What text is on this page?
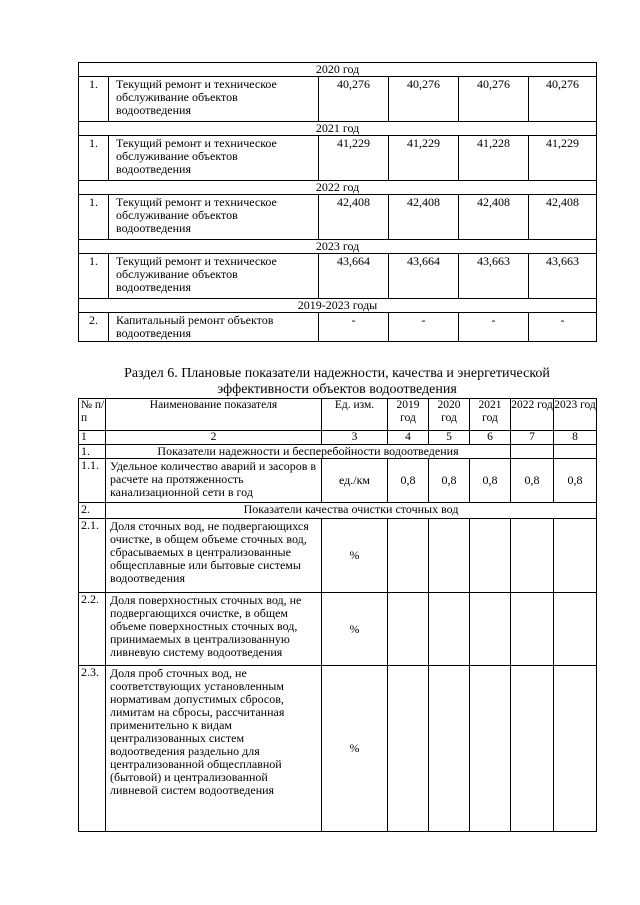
2020 год					
1.	Текущий ремонт и техническое обслуживание объектов водоотведения	40,276	40,276	40,276	40,276
2021 год					
1.	Текущий ремонт и техническое обслуживание объектов водоотведения	41,229	41,229	41,228	41,229
2022 год					
1.	Текущий ремонт и техническое обслуживание объектов водоотведения	42,408	42,408	42,408	42,408
2023 год					
1.	Текущий ремонт и техническое обслуживание объектов водоотведения	43,664	43,664	43,663	43,663
2019-2023 годы					
2.	Капитальный ремонт объектов водоотведения	-	-	-	-
Раздел 6. Плановые показатели надежности, качества и энергетической эффективности объектов водоотведения
№ п/п	Наименование показателя	Ед. изм.	2019 год	2020 год	2021 год	2022 год	2023 год
1	2	3	4	5	6	7	8
1.	Показатели надежности и бесперебойности водоотведения						
1.1.	Удельное количество аварий и засоров в расчете на протяженность канализационной сети в год	ед./км	0,8	0,8	0,8	0,8	0,8
2.	Показатели качества очистки сточных вод						
2.1.	Доля сточных вод, не подвергающихся очистке, в общем объеме сточных вод, сбрасываемых в централизованные общесплавные или бытовые системы водоотведения	%					
2.2.	Доля поверхностных сточных вод, не подвергающихся очистке, в общем объеме поверхностных сточных вод, принимаемых в централизованную ливневую систему водоотведения	%					
2.3.	Доля проб сточных вод, не соответствующих установленным нормативам допустимых сбросов, лимитам на сбросы, рассчитанная применительно к видам централизованных систем водоотведения раздельно для централизованной общесплавной (бытовой) и централизованной ливневой систем водоотведения	%					
